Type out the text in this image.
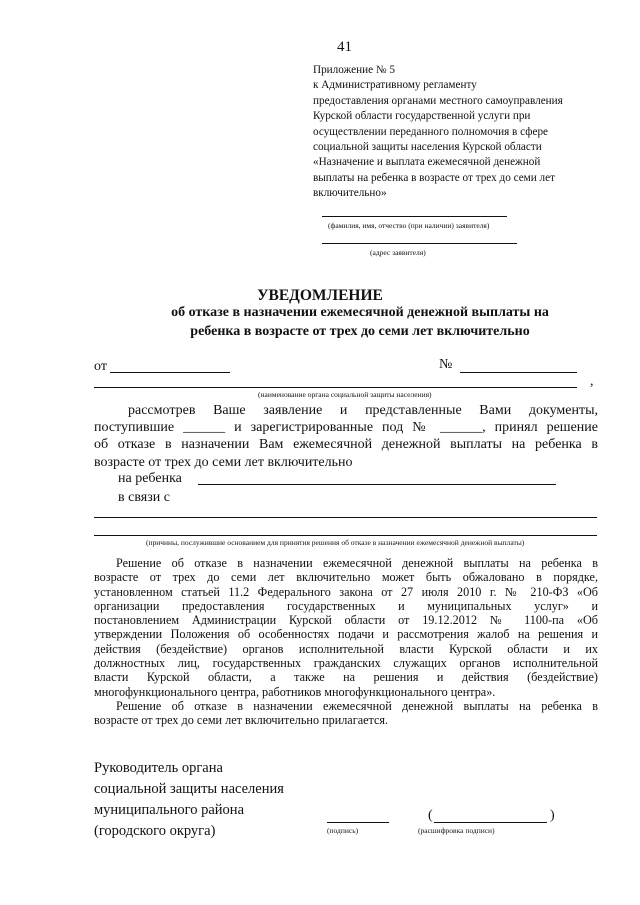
41
Приложение № 5
к Административному регламенту
предоставления органами местного самоуправления
Курской области государственной услуги при
осуществлении переданного полномочия в сфере
социальной защиты населения Курской области
«Назначение и выплата ежемесячной денежной
выплаты на ребенка в возрасте от трех до семи лет
включительно»
(фамилия, имя, отчество (при наличии) заявителя)
(адрес заявителя)
УВЕДОМЛЕНИЕ
об отказе в назначении ежемесячной денежной выплаты на
ребенка в возрасте от трех до семи лет включительно
от	№
,
(наименование органа социальной защиты населения)
рассмотрев Ваше заявление и представленные Вами документы,
поступившие ______ и зарегистрированные под № ______, принял решение
об отказе в назначении Вам ежемесячной денежной выплаты на ребенка в
возрасте от трех до семи лет включительно
на ребенка
в связи с
(причины, послужившие основанием для принятия решения об отказе в назначении ежемесячной денежной выплаты)
Решение об отказе в назначении ежемесячной денежной выплаты на ребенка в
возрасте от трех до семи лет включительно может быть обжаловано в порядке,
установленном статьей 11.2 Федерального закона от 27 июля 2010 г. № 210-ФЗ «Об
организации предоставления государственных и муниципальных услуг» и
постановлением Администрации Курской области от 19.12.2012 № 1100-па «Об
утверждении Положения об особенностях подачи и рассмотрения жалоб на решения и
действия (бездействие) органов исполнительной власти Курской области и их
должностных лиц, государственных гражданских служащих органов исполнительной
власти Курской области, а также на решения и действия (бездействие)
многофункционального центра, работников многофункционального центра».
Решение об отказе в назначении ежемесячной денежной выплаты на ребенка в
возрасте от трех до семи лет включительно прилагается.
Руководитель органа
социальной защиты населения
муниципального района
(городского округа)	(подпись)
(	)
(расшифровка подписи)
